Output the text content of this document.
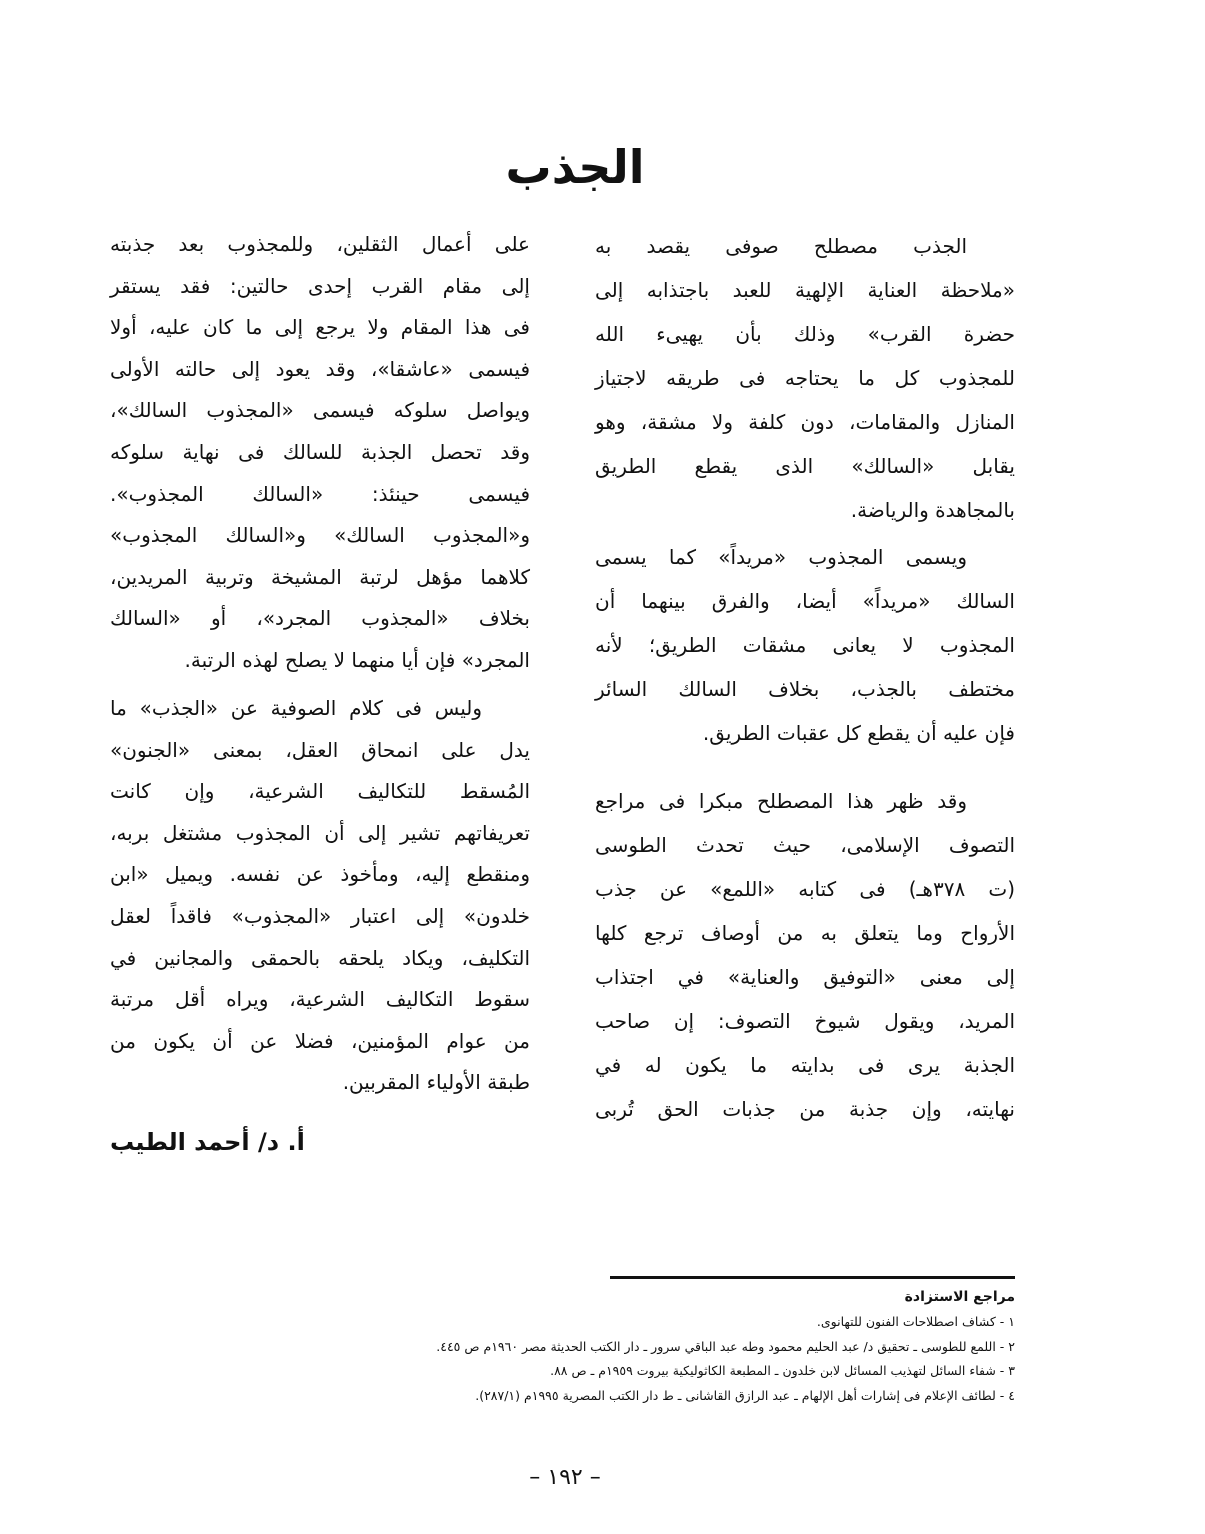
الجذب
الجذب مصطلح صوفى يقصد به
«ملاحظة العناية الإلهية للعبد باجتذابه إلى
حضرة القرب» وذلك بأن يهيىء الله
للمجذوب كل ما يحتاجه فى طريقه لاجتياز
المنازل والمقامات، دون كلفة ولا مشقة، وهو
يقابل «السالك» الذى يقطع الطريق
بالمجاهدة والرياضة.
ويسمى المجذوب «مريداً» كما يسمى
السالك «مريداً» أيضا، والفرق بينهما أن
المجذوب لا يعانى مشقات الطريق؛ لأنه
مختطف بالجذب، بخلاف السالك السائر
فإن عليه أن يقطع كل عقبات الطريق.
وقد ظهر هذا المصطلح مبكرا فى مراجع
التصوف الإسلامى، حيث تحدث الطوسى
(ت ٣٧٨هـ) فى كتابه «اللمع» عن جذب
الأرواح وما يتعلق به من أوصاف ترجع كلها
إلى معنى «التوفيق والعناية» في اجتذاب
المريد، ويقول شيوخ التصوف: إن صاحب
الجذبة يرى فى بدايته ما يكون له في
نهايته، وإن جذبة من جذبات الحق تُربى
على أعمال الثقلين، وللمجذوب بعد جذبته
إلى مقام القرب إحدى حالتين: فقد يستقر
فى هذا المقام ولا يرجع إلى ما كان عليه، أولا
فيسمى «عاشقا»، وقد يعود إلى حالته الأولى
ويواصل سلوكه فيسمى «المجذوب السالك»،
وقد تحصل الجذبة للسالك فى نهاية سلوكه
فيسمى حينئذ: «السالك المجذوب».
و«المجذوب السالك» و«السالك المجذوب»
كلاهما مؤهل لرتبة المشيخة وتربية المريدين،
بخلاف «المجذوب المجرد»، أو «السالك
المجرد» فإن أيا منهما لا يصلح لهذه الرتبة.
وليس فى كلام الصوفية عن «الجذب» ما
يدل على انمحاق العقل، بمعنى «الجنون»
المُسقط للتكاليف الشرعية، وإن كانت
تعريفاتهم تشير إلى أن المجذوب مشتغل بربه،
ومنقطع إليه، ومأخوذ عن نفسه. ويميل «ابن
خلدون» إلى اعتبار «المجذوب» فاقداً لعقل
التكليف، ويكاد يلحقه بالحمقى والمجانين في
سقوط التكاليف الشرعية، ويراه أقل مرتبة
من عوام المؤمنين، فضلا عن أن يكون من
طبقة الأولياء المقربين.
أ. د/ أحمد الطيب
مراجع الاستزادة
١ - كشاف اصطلاحات الفنون للتهانوى.
٢ - اللمع للطوسى ـ تحقيق د/ عبد الحليم محمود وطه عبد الباقي سرور ـ دار الكتب الحديثة مصر ١٩٦٠م ص ٤٤٥.
٣ - شفاء السائل لتهذيب المسائل لابن خلدون ـ المطبعة الكاثوليكية بيروت ١٩٥٩م ـ ص ٨٨.
٤ - لطائف الإعلام فى إشارات أهل الإلهام ـ عبد الرازق القاشانى ـ ط دار الكتب المصرية ١٩٩٥م (٢٨٧/١).
– ١٩٢ –
